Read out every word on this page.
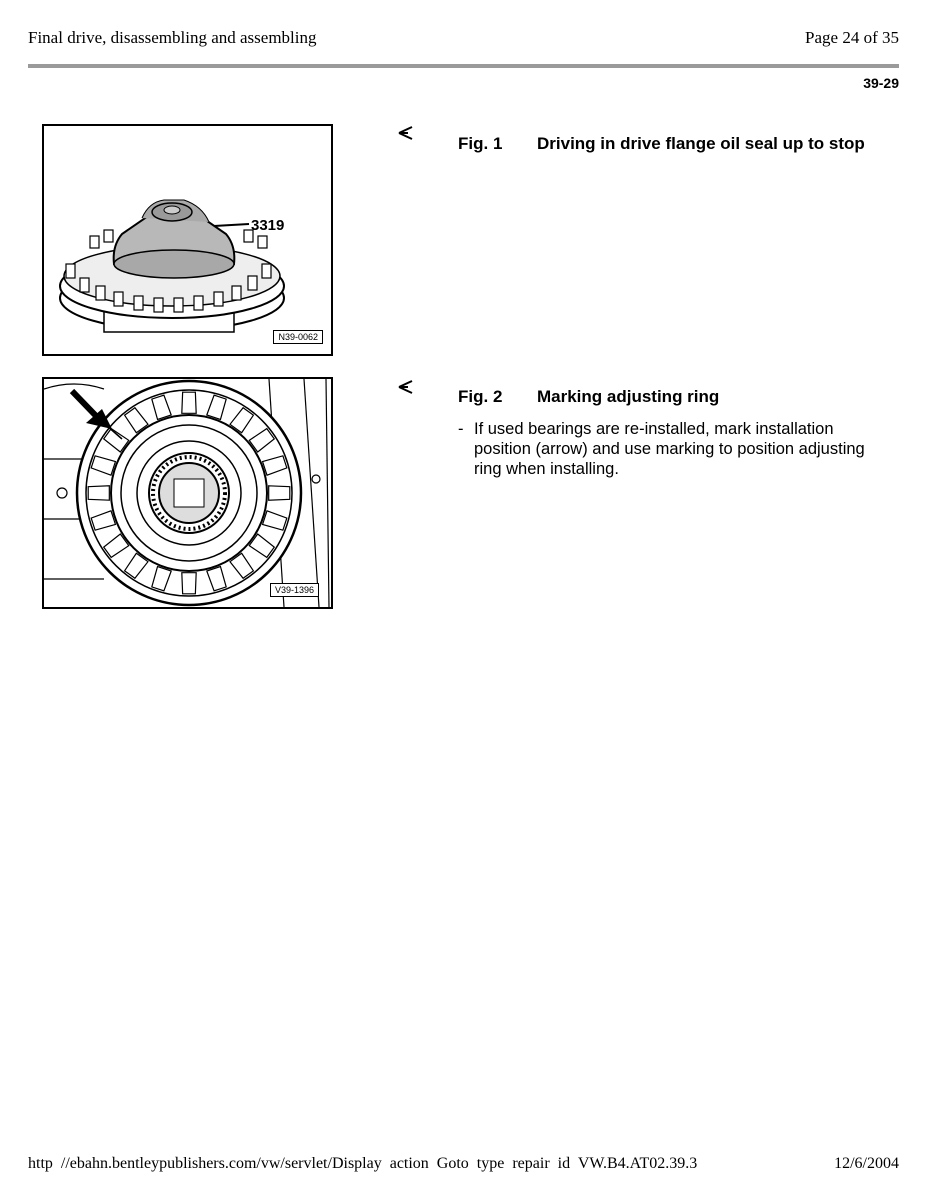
Final drive, disassembling and assembling	Page 24 of 35
39-29
3319
N39-0062
V39-1396
Fig. 1 Driving in drive flange oil seal up to stop
Fig. 2 Marking adjusting ring
- If used bearings are re-installed, mark installation position (arrow) and use marking to position adjusting ring when installing.
http //ebahn.bentleypublishers.com/vw/servlet/Display action Goto type repair id VW.B4.AT02.39.3	12/6/2004
